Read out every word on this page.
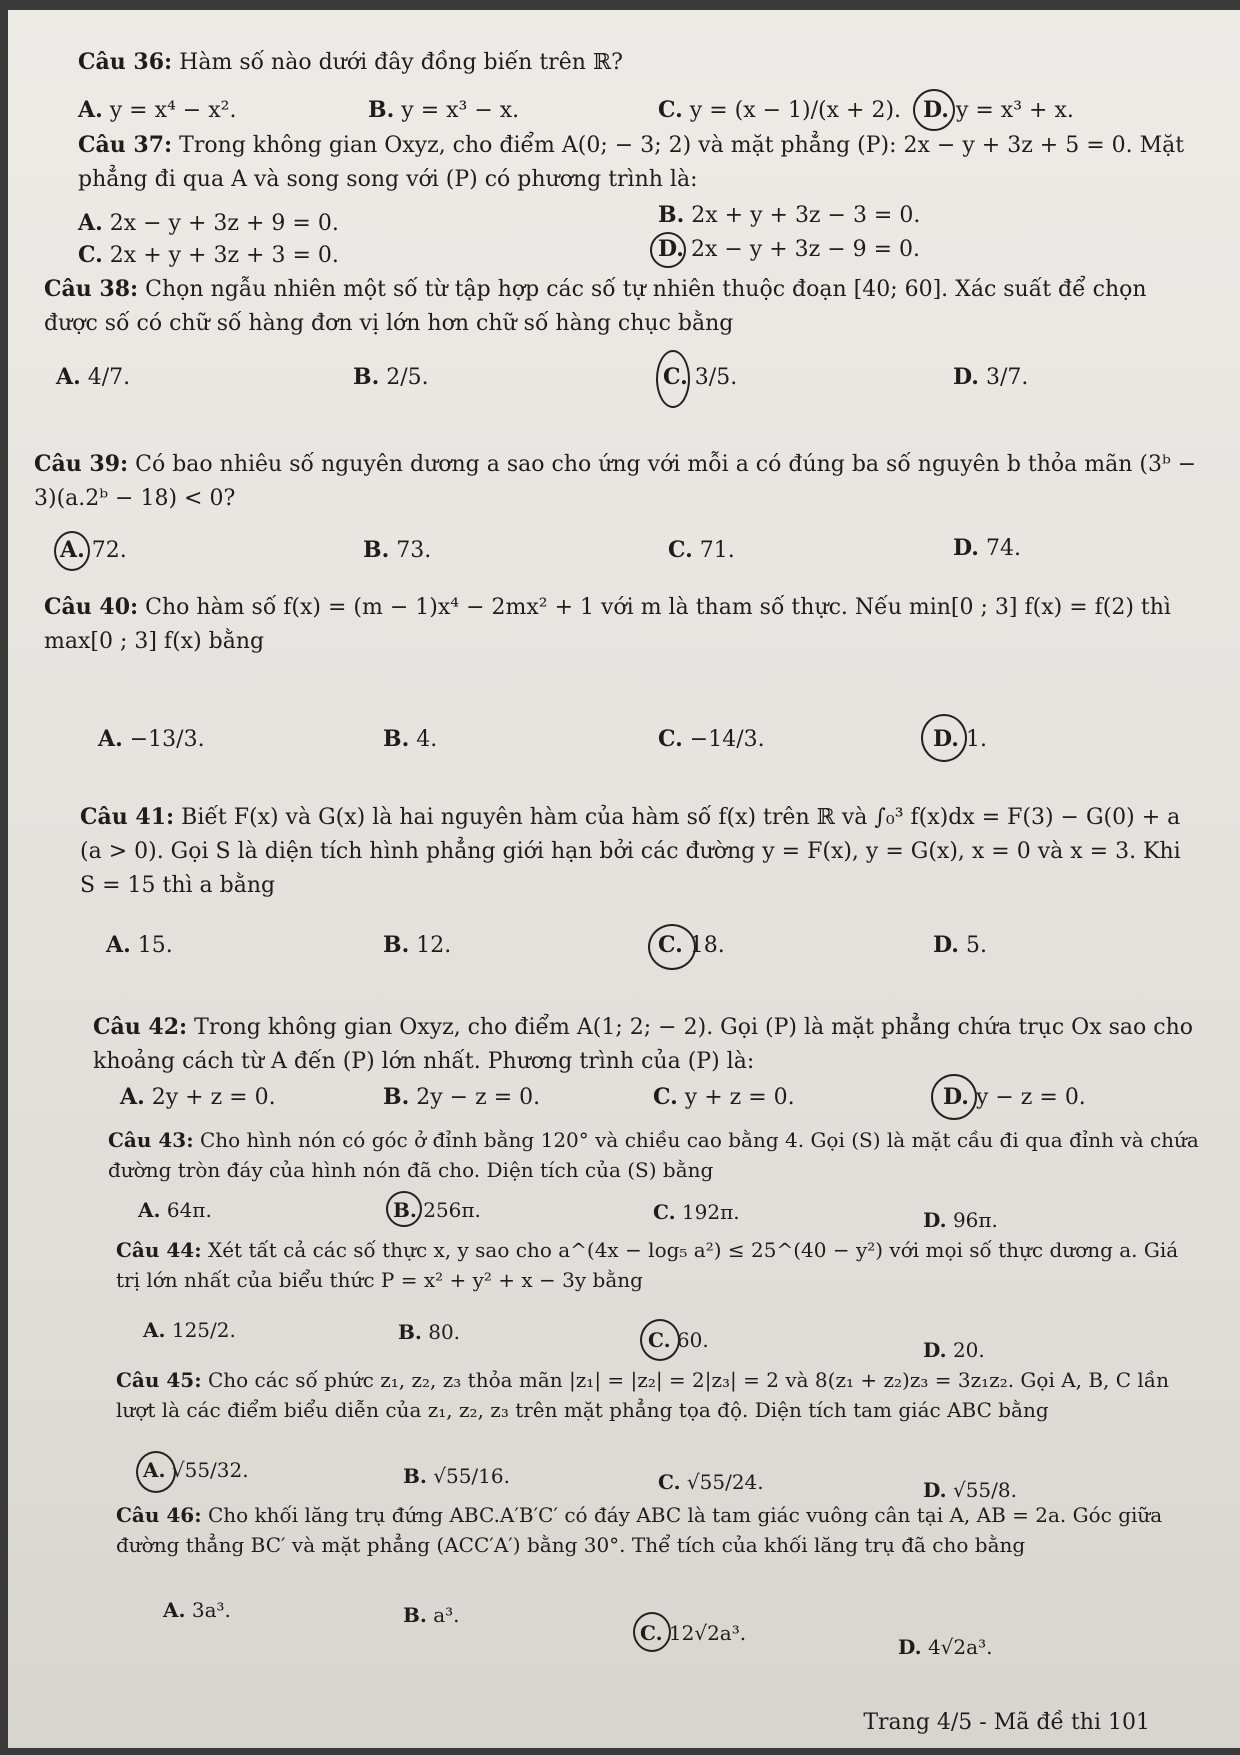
Câu 36: Hàm số nào dưới đây đồng biến trên ℝ?
A. y = x⁴ − x².	B. y = x³ − x.	C. y = (x − 1)/(x + 2). D. y = x³ + x.
Câu 37: Trong không gian Oxyz, cho điểm A(0; − 3; 2) và mặt phẳng (P): 2x − y + 3z + 5 = 0. Mặt phẳng đi qua A và song song với (P) có phương trình là:
A. 2x − y + 3z + 9 = 0.	B. 2x + y + 3z − 3 = 0.
C. 2x + y + 3z + 3 = 0.	D. 2x − y + 3z − 9 = 0.
Câu 38: Chọn ngẫu nhiên một số từ tập hợp các số tự nhiên thuộc đoạn [40; 60]. Xác suất để chọn được số có chữ số hàng đơn vị lớn hơn chữ số hàng chục bằng
A. 4/7.	B. 2/5.	C. 3/5.	D. 3/7.
Câu 39: Có bao nhiêu số nguyên dương a sao cho ứng với mỗi a có đúng ba số nguyên b thỏa mãn (3ᵇ − 3)(a.2ᵇ − 18) < 0?
A. 72.	B. 73.	C. 71.	D. 74.
Câu 40: Cho hàm số f(x) = (m − 1)x⁴ − 2mx² + 1 với m là tham số thực. Nếu min[0 ; 3] f(x) = f(2) thì max[0 ; 3] f(x) bằng
A. −13/3.	B. 4.	C. −14/3.	D. 1.
Câu 41: Biết F(x) và G(x) là hai nguyên hàm của hàm số f(x) trên ℝ và ∫₀³ f(x)dx = F(3) − G(0) + a (a > 0). Gọi S là diện tích hình phẳng giới hạn bởi các đường y = F(x), y = G(x), x = 0 và x = 3. Khi S = 15 thì a bằng
A. 15.	B. 12.	C. 18.	D. 5.
Câu 42: Trong không gian Oxyz, cho điểm A(1; 2; − 2). Gọi (P) là mặt phẳng chứa trục Ox sao cho khoảng cách từ A đến (P) lớn nhất. Phương trình của (P) là:
A. 2y + z = 0.	B. 2y − z = 0.	C. y + z = 0.	D. y − z = 0.
Câu 43: Cho hình nón có góc ở đỉnh bằng 120° và chiều cao bằng 4. Gọi (S) là mặt cầu đi qua đỉnh và chứa đường tròn đáy của hình nón đã cho. Diện tích của (S) bằng
A. 64π.	B. 256π.	C. 192π.	D. 96π.
Câu 44: Xét tất cả các số thực x, y sao cho a^(4x − log₅ a²) ≤ 25^(40 − y²) với mọi số thực dương a. Giá trị lớn nhất của biểu thức P = x² + y² + x − 3y bằng
A. 125/2.	B. 80.	C. 60.	D. 20.
Câu 45: Cho các số phức z₁, z₂, z₃ thỏa mãn |z₁| = |z₂| = 2|z₃| = 2 và 8(z₁ + z₂)z₃ = 3z₁z₂. Gọi A, B, C lần lượt là các điểm biểu diễn của z₁, z₂, z₃ trên mặt phẳng tọa độ. Diện tích tam giác ABC bằng
A. √55/32.	B. √55/16.	C. √55/24.	D. √55/8.
Câu 46: Cho khối lăng trụ đứng ABC.A′B′C′ có đáy ABC là tam giác vuông cân tại A, AB = 2a. Góc giữa đường thẳng BC′ và mặt phẳng (ACC′A′) bằng 30°. Thể tích của khối lăng trụ đã cho bằng
A. 3a³.	B. a³.
C. 12√2a³.
D. 4√2a³.
Trang 4/5 - Mã đề thi 101
